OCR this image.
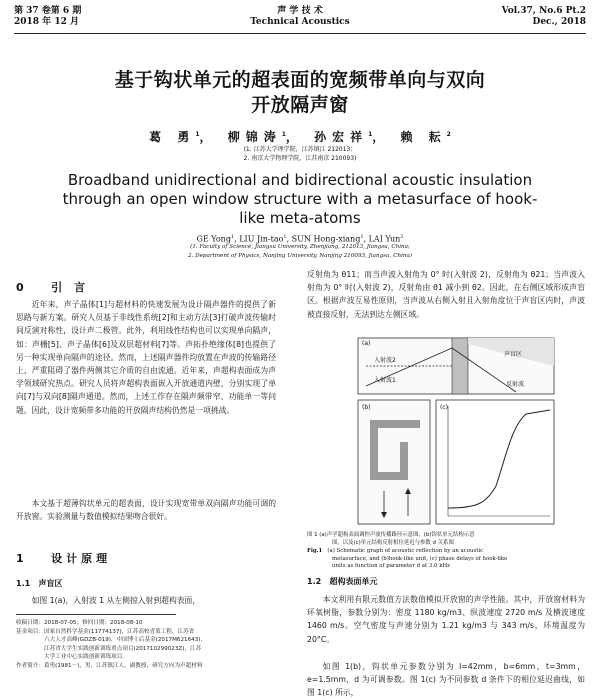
第 37 卷第 6 期
2018 年 12 月
声 学 技 术
Technical Acoustics
Vol.37, No.6 Pt.2
Dec., 2018
基于钩状单元的超表面的宽频带单向与双向
开放隔声窗
葛 勇$^1$， 柳锦涛$^1$， 孙宏祥$^1$， 赖 耘$^2$
(1. 江苏大学理学院，江苏镇江 212013；
2. 南京大学物理学院，江苏南京 210093)
Broadband unidirectional and bidirectional acoustic insulation
through an open window structure with a metasurface of hook-
like meta-atoms
GE Yong$^1$, LIU Jin-tao$^1$, SUN Hong-xiang$^1$, LAI Yun$^2$
(1. Faculty of Science, Jiangsu University, Zhenjiang, 212013, Jiangsu, China;
2. Department of Physics, Nanjing University, Nanjing 210093, Jiangsu, China)
0 引 言

近年来，声子晶体[1]与超材料的快速发展为设计隔声器件的提供了新思路与新方案。研究人员基于非线性系统[2]和主动方法[3]打破声波传输时间反演对称性，设计声二极管。此外，利用线性结构也可以实现单向隔声，如：声栅[5]、声子晶体[6]及双层超材料[7]等。声拓扑绝缘体[8]也提供了另一种实现单向隔声的途径。然而，上述隔声器件均放置在声波的传输路径上，严重阻碍了器件两侧其它介质的自由流通。近年来，声超构表面成为声学领域研究热点。研究人员将声超构表面嵌入开放通道内壁，分别实现了单向[7]与双向[8]隔声通道。然而，上述工作存在隔声频带窄、功能单一等问题。因此，设计宽频带多功能的开放隔声结构仍然是一项挑战。

本文基于超薄钩状单元的超表面，设计实现宽带单双向隔声功能可调的开放窗。实验测量与数值模拟结果吻合很好。

1 设计原理
1.1 声盲区

如图 1(a)，入射波 1 从左侧掠入射到超构表面，

收稿日期：2018-07-05；修回日期：2018-08-10
基金项目：国家自然科学基金(11774137)，江苏高校青蓝工程，江苏省
六大人才高峰(GDZB-019)，中国博士后基金(2017M621643)，
江苏省大学生实践创新训练重点项目(201710299023Z)，江苏
大学工业中心实践创新训练项目。
作者简介：葛勇(1981－)，男，江苏镇江人，副教授，研究方向为声超材料

反射角为 θ11；而当声波入射角为 0° 时(入射波 2)，反射角为 θ21；当声波入射角为 0° 时(入射波 2)，反射角由 θ1 减小到 θ2。因此，在右侧区域形成声盲区。根据声波互易性原则，当声波从右侧入射且入射角度位于声盲区内时，声波被直接反射，无法到达左侧区域。

(a)
入射波1
入射波2
声盲区
反射波
(b)	(c)
图 1 (a)声学超构表面调控声波传播路径示意图，(b)钩状单元结构示意
图，以及(c)单元结构反射相位延迟与参数 d 关系图
Fig.1 (a) Schematic graph of acoustic reflection by an acoustic
metasurface, and (b)hook-like unit, (c) phase delays of hook-like
units as function of parameter d at 3.0 kHz
1.2 超构表面单元

本文利用有限元数值方法数值模拟开放窗的声学性能。其中，开放窗材料为环氧树脂，参数分别为：密度 1180 kg/m3、纵波速度 2720 m/s 及横波速度 1460 m/s。空气密度与声速分别为 1.21 kg/m3 与 343 m/s，环境温度为 20°C。

如图 1(b)，钩状单元参数分别为 l=42mm，b=6mm，t=3mm，e=1.5mm，d 为可调参数。图 1(c) 为不同参数 d 条件下的相位延迟曲线，如图 1(c) 所示，
